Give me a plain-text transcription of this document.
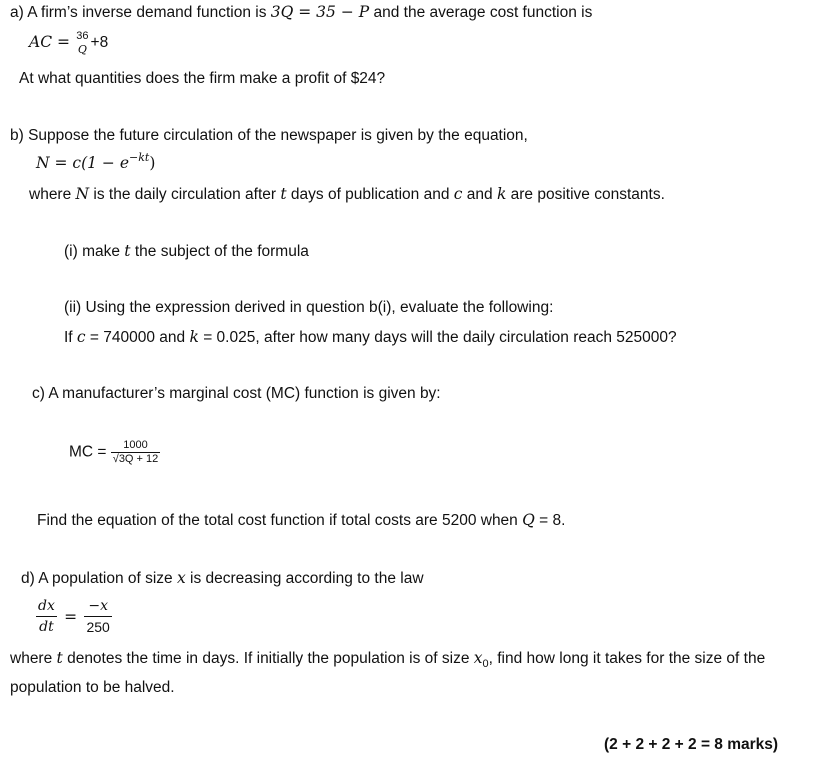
a) A firm’s inverse demand function is 3Q = 35 − P and the average cost function is
AC = 36
Q +8
At what quantities does the firm make a profit of $24?
b) Suppose the future circulation of the newspaper is given by the equation,
$N = c(1 - e^{-kt})$
where N is the daily circulation after t days of publication and c and k are positive constants.
(i) make t the subject of the formula
(ii) Using the expression derived in question b(i), evaluate the following:
If c = 740000 and k = 0.025, after how many days will the daily circulation reach 525000?
c) A manufacturer’s marginal cost (MC) function is given by:
MC = $\frac{1000}{√3Q + 12}$
Find the equation of the total cost function if total costs are 5200 when Q = 8.
d) A population of size x is decreasing according to the law
$\frac{dx}{dt} = \frac{-x}{250}$
where t denotes the time in days. If initially the population is of size $x_0$, find how long it takes for the size of the
population to be halved.
(2 + 2 + 2 + 2 = 8 marks)
